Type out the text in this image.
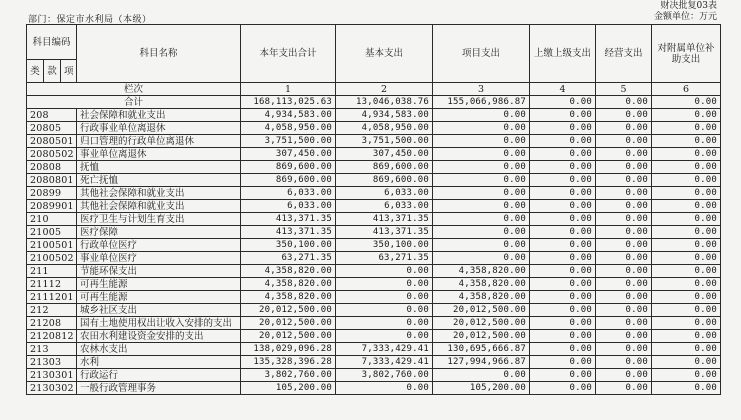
部门：保定市水利局（本级）
财决批复03表
金额单位：万元
科目编码			科目名称	本年支出合计	基本支出	项目支出	上缴上级支出	经营支出	对附属单位补助支出
类	款	项							
栏次				1	2	3	4	5	6
合计				168,113,025.63	13,046,038.76	155,066,986.87	0.00	0.00	0.00
208			社会保障和就业支出	4,934,583.00	4,934,583.00	0.00	0.00	0.00	0.00
20805			行政事业单位离退休	4,058,950.00	4,058,950.00	0.00	0.00	0.00	0.00
2080501			归口管理的行政单位离退休	3,751,500.00	3,751,500.00	0.00	0.00	0.00	0.00
2080502			事业单位离退休	307,450.00	307,450.00	0.00	0.00	0.00	0.00
20808			抚恤	869,600.00	869,600.00	0.00	0.00	0.00	0.00
2080801			死亡抚恤	869,600.00	869,600.00	0.00	0.00	0.00	0.00
20899			其他社会保障和就业支出	6,033.00	6,033.00	0.00	0.00	0.00	0.00
2089901			其他社会保障和就业支出	6,033.00	6,033.00	0.00	0.00	0.00	0.00
210			医疗卫生与计划生育支出	413,371.35	413,371.35	0.00	0.00	0.00	0.00
21005			医疗保障	413,371.35	413,371.35	0.00	0.00	0.00	0.00
2100501			行政单位医疗	350,100.00	350,100.00	0.00	0.00	0.00	0.00
2100502			事业单位医疗	63,271.35	63,271.35	0.00	0.00	0.00	0.00
211			节能环保支出	4,358,820.00	0.00	4,358,820.00	0.00	0.00	0.00
21112			可再生能源	4,358,820.00	0.00	4,358,820.00	0.00	0.00	0.00
2111201			可再生能源	4,358,820.00	0.00	4,358,820.00	0.00	0.00	0.00
212			城乡社区支出	20,012,500.00	0.00	20,012,500.00	0.00	0.00	0.00
21208			国有土地使用权出让收入安排的支出	20,012,500.00	0.00	20,012,500.00	0.00	0.00	0.00
2120812			农田水利建设资金安排的支出	20,012,500.00	0.00	20,012,500.00	0.00	0.00	0.00
213			农林水支出	138,029,096.28	7,333,429.41	130,695,666.87	0.00	0.00	0.00
21303			水利	135,328,396.28	7,333,429.41	127,994,966.87	0.00	0.00	0.00
2130301			行政运行	3,802,760.00	3,802,760.00	0.00	0.00	0.00	0.00
2130302			一般行政管理事务	105,200.00	0.00	105,200.00	0.00	0.00	0.00
